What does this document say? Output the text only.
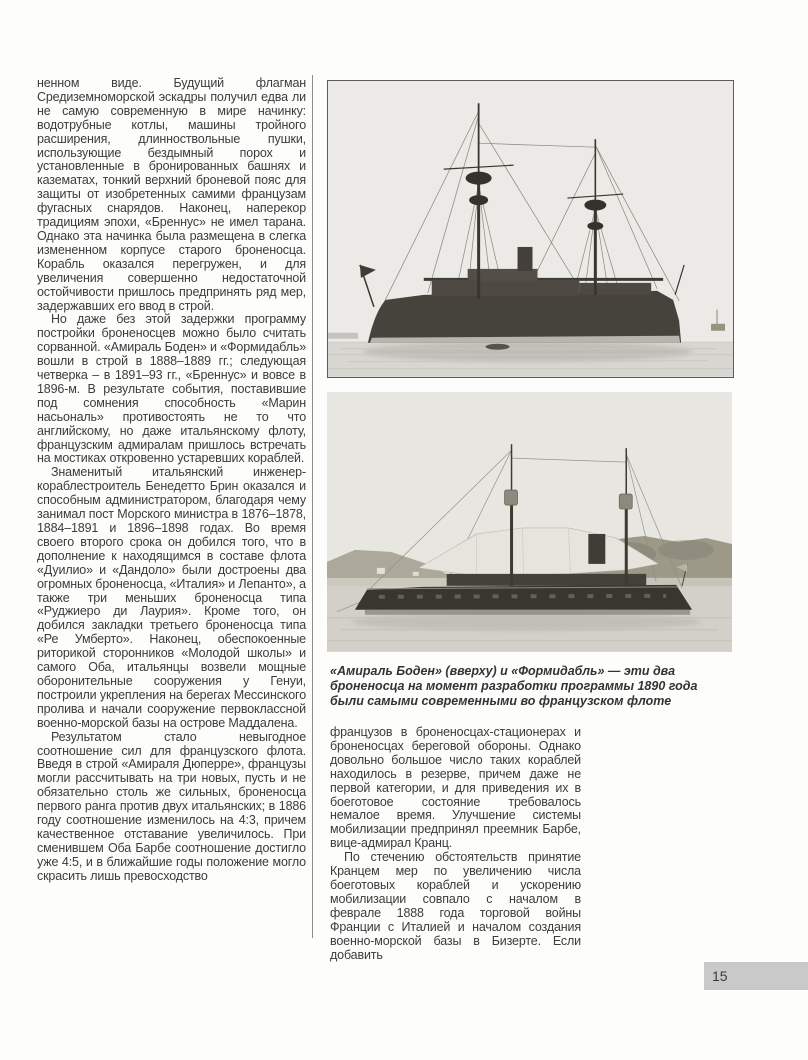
ненном виде. Будущий флагман Средиземноморской эскадры получил едва ли не самую современную в мире начинку: водотрубные котлы, машины тройного расширения, длинноствольные пушки, использующие бездымный порох и установленные в бронированных башнях и казематах, тонкий верхний броневой пояс для защиты от изобретенных самими французам фугасных снарядов. Наконец, наперекор традициям эпохи, «Бреннус» не имел тарана. Однако эта начинка была размещена в слегка измененном корпусе старого броненосца. Корабль оказался перегружен, и для увеличения совершенно недостаточной остойчивости пришлось предпринять ряд мер, задержавших его ввод в строй.

Но даже без этой задержки программу постройки броненосцев можно было считать сорванной. «Амираль Боден» и «Формидабль» вошли в строй в 1888–1889 гг.; следующая четверка – в 1891–93 гг., «Бреннус» и вовсе в 1896-м. В результате события, поставившие под сомнения способность «Марин насьональ» противостоять не то что английскому, но даже итальянскому флоту, французским адмиралам пришлось встречать на мостиках откровенно устаревших кораблей.

Знаменитый итальянский инженер-кораблестроитель Бенедетто Брин оказался и способным администратором, благодаря чему занимал пост Морского министра в 1876–1878, 1884–1891 и 1896–1898 годах. Во время своего второго срока он добился того, что в дополнение к находящимся в составе флота «Дуилио» и «Дандоло» были достроены два огромных броненосца, «Италия» и Лепанто», а также три меньших броненосца типа «Руджиеро ди Лаурия». Кроме того, он добился закладки третьего броненосца типа «Ре Умберто». Наконец, обеспокоенные риторикой сторонников «Молодой школы» и самого Оба, итальянцы возвели мощные оборонительные сооружения у Генуи, построили укрепления на берегах Мессинского пролива и начали сооружение первоклассной военно-морской базы на острове Маддалена.

Результатом стало невыгодное соотношение сил для французского флота. Введя в строй «Амираля Дюперре», французы могли рассчитывать на три новых, пусть и не обязательно столь же сильных, броненосца первого ранга против двух итальянских; в 1886 году соотношение изменилось на 4:3, причем качественное отставание увеличилось. При сменившем Оба Барбе соотношение достигло уже 4:5, и в ближайшие годы положение могло скрасить лишь превосходство

«Амираль Боден» (вверху) и «Формидабль» — эти два броненосца на момент разработки программы 1890 года были самыми современными во французском флоте

французов в броненосцах-стационерах и броненосцах береговой обороны. Однако довольно большое число таких кораблей находилось в резерве, причем даже не первой категории, и для приведения их в боеготовое состояние требовалось немалое время. Улучшение системы мобилизации предпринял преемник Барбе, вице-адмирал Кранц.

По стечению обстоятельств принятие Кранцем мер по увеличению числа боеготовых кораблей и ускорению мобилизации совпало с началом в феврале 1888 года торговой войны Франции с Италией и началом создания военно-морской базы в Бизерте. Если добавить

15
